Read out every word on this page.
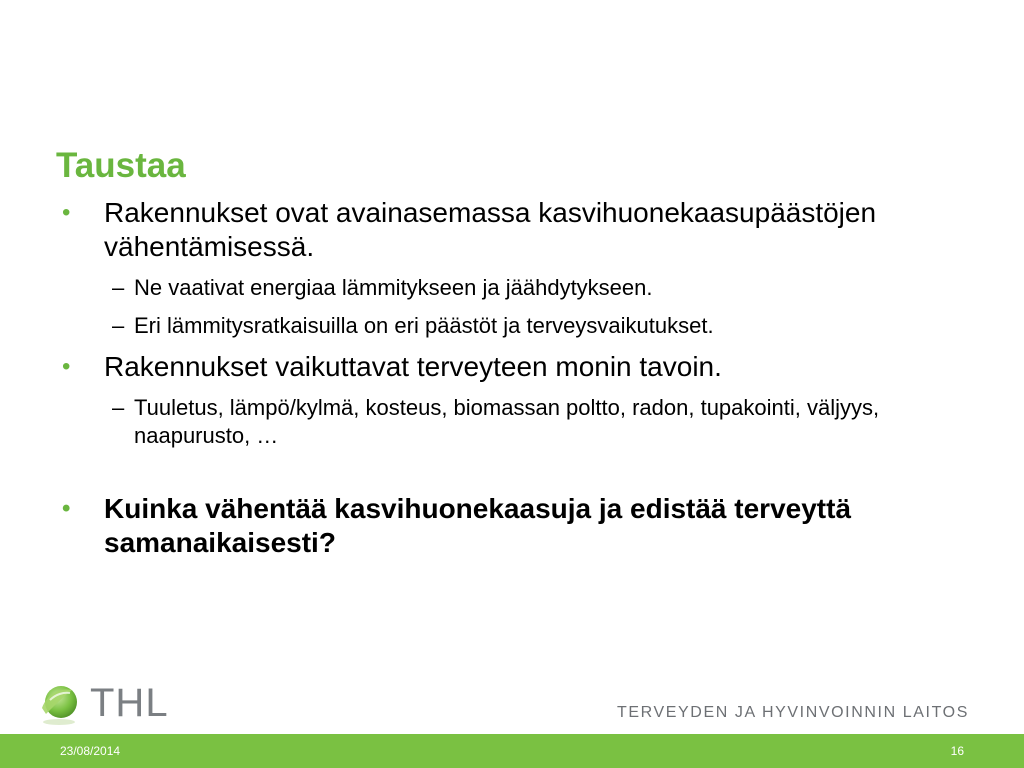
Taustaa
• Rakennukset ovat avainasemassa kasvihuonekaasupäästöjen vähentämisessä.
– Ne vaativat energiaa lämmitykseen ja jäähdytykseen.
– Eri lämmitysratkaisuilla on eri päästöt ja terveysvaikutukset.
• Rakennukset vaikuttavat terveyteen monin tavoin.
– Tuuletus, lämpö/kylmä, kosteus, biomassan poltto, radon, tupakointi, väljyys, naapurusto, …
• Kuinka vähentää kasvihuonekaasuja ja edistää terveyttä samanaikaisesti?
THL	TERVEYDEN JA HYVINVOINNIN LAITOS
23/08/2014	16
